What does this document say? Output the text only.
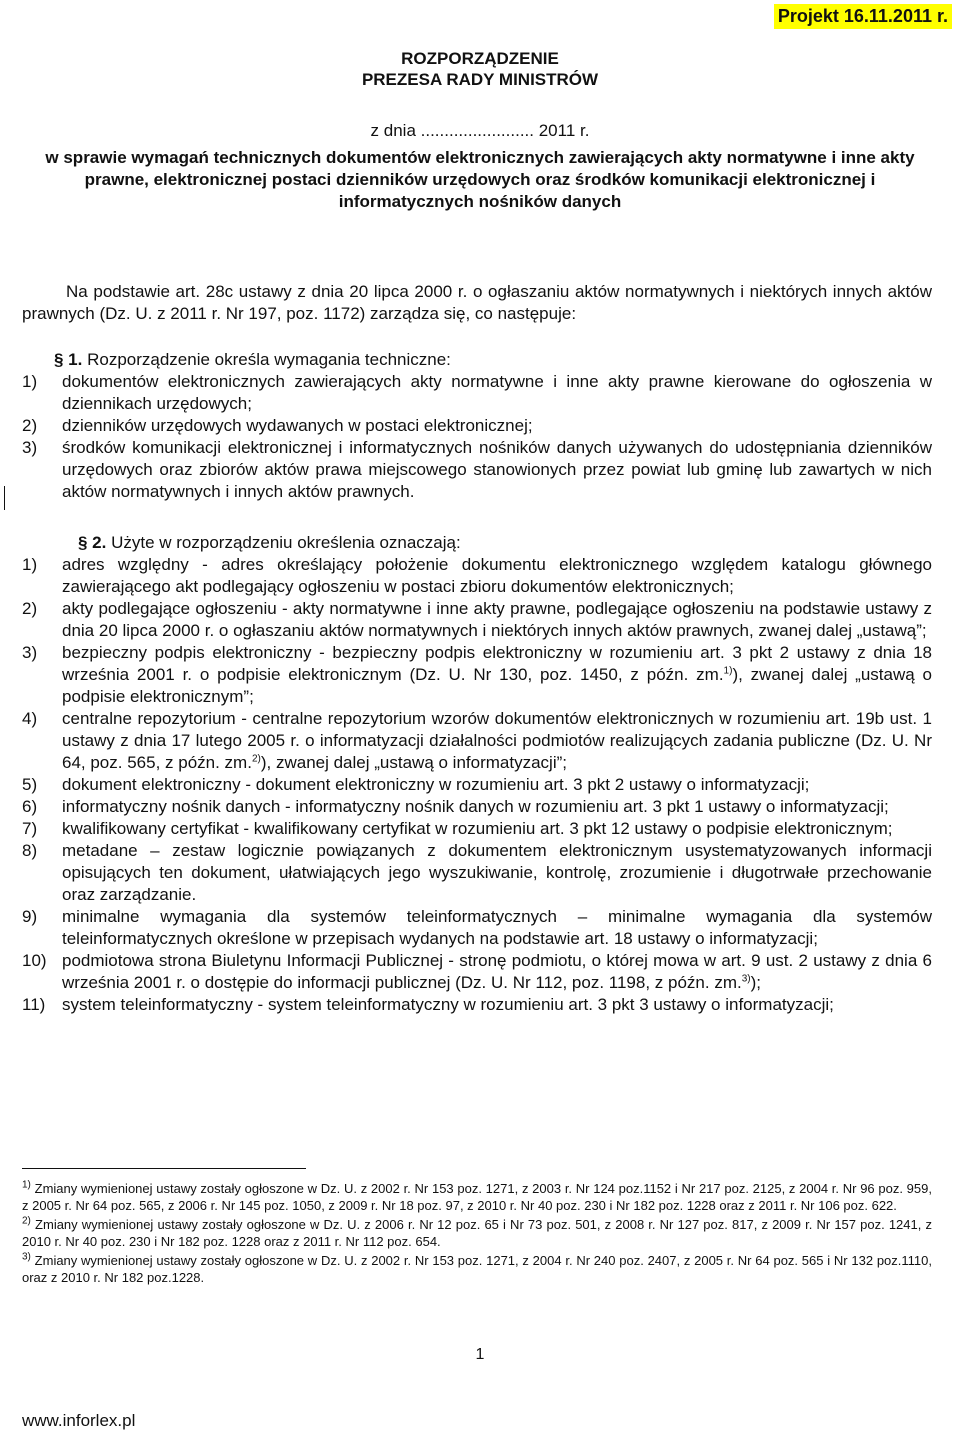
Projekt 16.11.2011 r.
ROZPORZĄDZENIE
PREZESA RADY MINISTRÓW
z dnia ........................ 2011 r.
w sprawie wymagań technicznych dokumentów elektronicznych zawierających akty normatywne i inne akty prawne, elektronicznej postaci dzienników urzędowych oraz środków komunikacji elektronicznej i informatycznych nośników danych
Na podstawie art. 28c ustawy z dnia 20 lipca 2000 r. o ogłaszaniu aktów normatywnych i niektórych innych aktów prawnych (Dz. U. z 2011 r. Nr 197, poz. 1172) zarządza się, co następuje:
§ 1. Rozporządzenie określa wymagania techniczne:
1)	dokumentów elektronicznych zawierających akty normatywne i inne akty prawne kierowane do ogłoszenia w dziennikach urzędowych;
2)	dzienników urzędowych wydawanych w postaci elektronicznej;
3)	środków komunikacji elektronicznej i informatycznych nośników danych używanych do udostępniania dzienników urzędowych oraz zbiorów aktów prawa miejscowego stanowionych przez powiat lub gminę lub zawartych w nich aktów normatywnych i innych aktów prawnych.
§ 2. Użyte w rozporządzeniu określenia oznaczają:
1)	adres względny - adres określający położenie dokumentu elektronicznego względem katalogu głównego zawierającego akt podlegający ogłoszeniu w postaci zbioru dokumentów elektronicznych;
2)	akty podlegające ogłoszeniu - akty normatywne i inne akty prawne, podlegające ogłoszeniu na podstawie ustawy z dnia 20 lipca 2000 r. o ogłaszaniu aktów normatywnych i niektórych innych aktów prawnych, zwanej dalej „ustawą”;
3)	bezpieczny podpis elektroniczny - bezpieczny podpis elektroniczny w rozumieniu art. 3 pkt 2 ustawy z dnia 18 września 2001 r. o podpisie elektronicznym (Dz. U. Nr 130, poz. 1450, z późn. zm.$^{1)}$), zwanej dalej „ustawą o podpisie elektronicznym”;
4)	centralne repozytorium - centralne repozytorium wzorów dokumentów elektronicznych w rozumieniu art. 19b ust. 1 ustawy z dnia 17 lutego 2005 r. o informatyzacji działalności podmiotów realizujących zadania publiczne (Dz. U. Nr 64, poz. 565, z późn. zm.$^{2)}$), zwanej dalej „ustawą o informatyzacji”;
5)	dokument elektroniczny - dokument elektroniczny w rozumieniu art. 3 pkt 2 ustawy o informatyzacji;
6)	informatyczny nośnik danych - informatyczny nośnik danych w rozumieniu art. 3 pkt 1 ustawy o informatyzacji;
7)	kwalifikowany certyfikat - kwalifikowany certyfikat w rozumieniu art. 3 pkt 12 ustawy o podpisie elektronicznym;
8)	metadane – zestaw logicznie powiązanych z dokumentem elektronicznym usystematyzowanych informacji opisujących ten dokument, ułatwiających jego wyszukiwanie, kontrolę, zrozumienie i długotrwałe przechowanie oraz zarządzanie.
9)	minimalne wymagania dla systemów teleinformatycznych – minimalne wymagania dla systemów teleinformatycznych określone w przepisach wydanych na podstawie art. 18 ustawy o informatyzacji;
10) podmiotowa strona Biuletynu Informacji Publicznej - stronę podmiotu, o której mowa w art. 9 ust. 2 ustawy z dnia 6 września 2001 r. o dostępie do informacji publicznej (Dz. U. Nr 112, poz. 1198, z późn. zm.$^{3)}$);
11) system teleinformatyczny - system teleinformatyczny w rozumieniu art. 3 pkt 3 ustawy o informatyzacji;
$^{1)}$ Zmiany wymienionej ustawy zostały ogłoszone w Dz. U. z 2002 r. Nr 153 poz. 1271, z 2003 r. Nr 124 poz.1152 i Nr 217 poz. 2125, z 2004 r. Nr 96 poz. 959, z 2005 r. Nr 64 poz. 565, z 2006 r. Nr 145 poz. 1050, z 2009 r. Nr 18 poz. 97, z 2010 r. Nr 40 poz. 230 i Nr 182 poz. 1228 oraz z 2011 r. Nr 106 poz. 622.
$^{2)}$ Zmiany wymienionej ustawy zostały ogłoszone w Dz. U. z 2006 r. Nr 12 poz. 65 i Nr 73 poz. 501, z 2008 r. Nr 127 poz. 817, z 2009 r. Nr 157 poz. 1241, z 2010 r. Nr 40 poz. 230 i Nr 182 poz. 1228 oraz z 2011 r. Nr 112 poz. 654.
$^{3)}$ Zmiany wymienionej ustawy zostały ogłoszone w Dz. U. z 2002 r. Nr 153 poz. 1271, z 2004 r. Nr 240 poz. 2407, z 2005 r. Nr 64 poz. 565 i Nr 132 poz.1110, oraz z 2010 r. Nr 182 poz.1228.
1
www.inforlex.pl
